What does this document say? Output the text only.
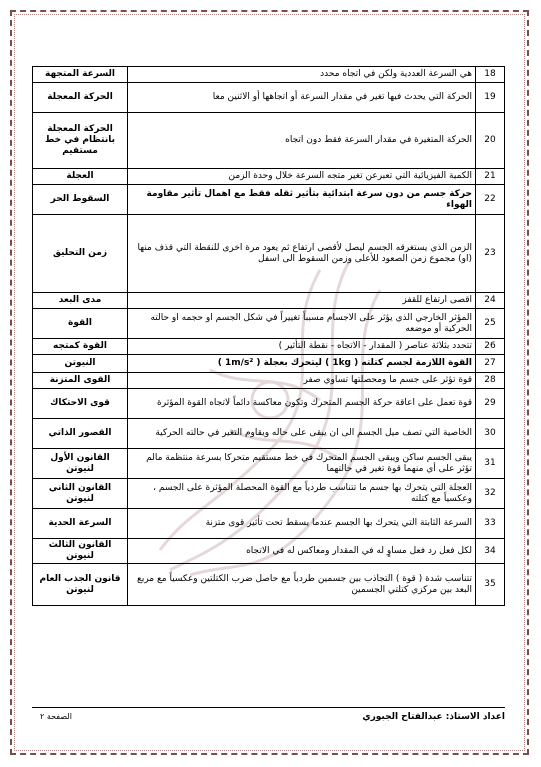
18	هي السرعة العددية ولكن في اتجاه محدد	السرعة المتجهة
19	الحركة التي يحدث فيها تغير في مقدار السرعة أو اتجاهها أو الاثنين معا	الحركة المعجلة
20	الحركة المتغيرة في مقدار السرعة فقط دون اتجاه	الحركة المعجلة بانتظام في خط مستقيم
21	الكمية الفيزيائية التي تعبرعن تغير متجه السرعة خلال وحدة الزمن	العجلة
22	حركة جسم من دون سرعة ابتدائية بتأثير ثقله فقط مع اهمال تأثير مقاومة الهواء	السقوط الحر
23	الزمن الذي يستغرقه الجسم ليصل لأقصى ارتفاع ثم يعود مرة اخرى للنقطة التي قذف منها (او) مجموع زمن الصعود للأعلى وزمن السقوط الى اسفل	زمن التحليق
24	اقصى ارتفاع للقفز	مدى البعد
25	المؤثر الخارجي الذي يؤثر على الاجسام مسبباً تغييراً في شكل الجسم او حجمه او حالته الحركية أو موضعه	القوة
26	تتحدد بثلاثة عناصر ( المقدار - الاتجاه - نقطة التأثير )	القوة كمتجه
27	القوة اللازمة لجسم كتلته ( 1kg ) ليتحرك بعجلة ( 1m/s² )	النيوتن
28	قوة تؤثر على جسم ما ومحصلتها تساوي صفر	القوى المتزنة
29	قوة تعمل على اعاقة حركة الجسم المتحرك وتكون معاكسة دائماً لاتجاه القوة المؤثرة	قوى الاحتكاك
30	الخاصية التي تصف ميل الجسم الى ان يبقى على حاله ويقاوم التغير في حالته الحركية	القصور الذاتي
31	يبقى الجسم ساكن ويبقى الجسم المتحرك في خط مستقيم متحركا بسرعة منتظمة مالم تؤثر على أي منهما قوة تغير في حالتهما	القانون الأول لنيوتن
32	العجلة التي يتحرك بها جسم ما تتناسب طردياً مع القوة المحصلة المؤثرة على الجسم ، وعكسياً مع كتلته	القانون الثاني لنيوتن
33	السرعة الثابتة التي يتحرك بها الجسم عندما يسقط تحت تأثير قوى متزنة	السرعة الحدية
34	لكل فعل رد فعل مساوٍ له في المقدار ومعاكس له في الاتجاه	القانون الثالث لنيوتن
35	تتناسب شدة ( قوة ) التجاذب بين جسمين طردياً مع حاصل ضرب الكتلتين وعكسياً مع مربع البعد بين مركزي كتلتي الجسمين	قانون الجذب العام لنيوتن
اعداد الاستاذ: عبدالفتاح الجبوري
الصفحة ٢
